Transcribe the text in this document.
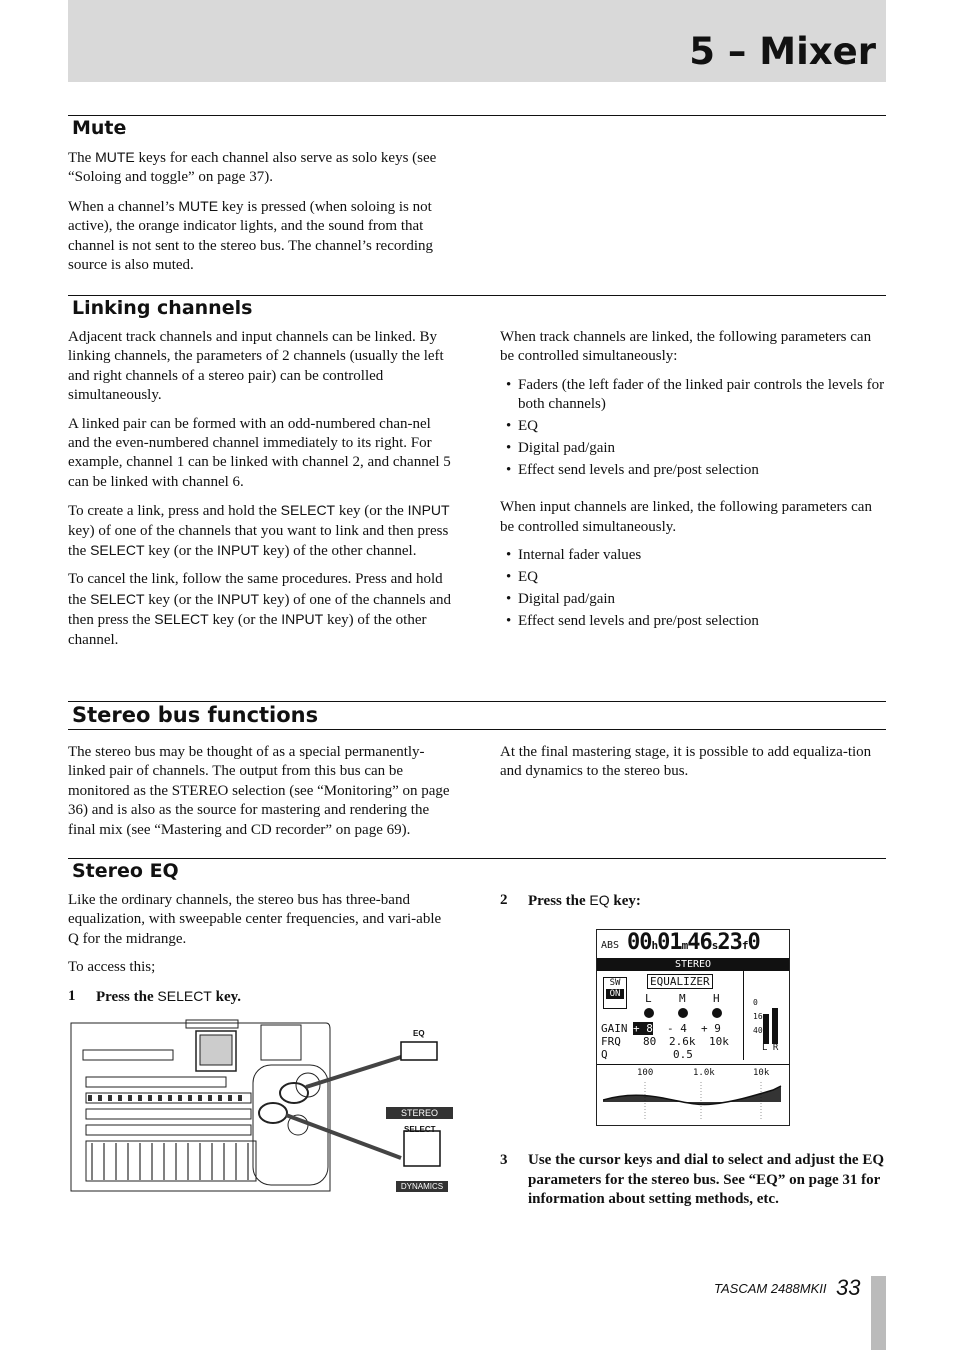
5 – Mixer
Mute

The MUTE keys for each channel also serve as solo keys (see “Soloing and toggle” on page 37).

When a channel’s MUTE key is pressed (when soloing is not active), the orange indicator lights, and the sound from that channel is not sent to the stereo bus. The channel’s recording source is also muted.

Linking channels

Adjacent track channels and input channels can be linked. By linking channels, the parameters of 2 channels (usually the left and right channels of a stereo pair) can be controlled simultaneously.

A linked pair can be formed with an odd-numbered chan-nel and the even-numbered channel immediately to its right. For example, channel 1 can be linked with channel 2, and channel 5 can be linked with channel 6.

To create a link, press and hold the SELECT key (or the INPUT key) of one of the channels that you want to link and then press the SELECT key (or the INPUT key) of the other channel.

To cancel the link, follow the same procedures. Press and hold the SELECT key (or the INPUT key) of one of the channels and then press the SELECT key (or the INPUT key) of the other channel.

When track channels are linked, the following parameters can be controlled simultaneously:

• Faders (the left fader of the linked pair controls the levels for both channels)
• EQ
• Digital pad/gain
• Effect send levels and pre/post selection

When input channels are linked, the following parameters can be controlled simultaneously.

• Internal fader values
• EQ
• Digital pad/gain
• Effect send levels and pre/post selection
Stereo bus functions

The stereo bus may be thought of as a special permanently-linked pair of channels. The output from this bus can be monitored as the STEREO selection (see “Monitoring” on page 36) and is also as the source for mastering and rendering the final mix (see “Mastering and CD recorder” on page 69).

At the final mastering stage, it is possible to add equaliza-tion and dynamics to the stereo bus.

Stereo EQ

Like the ordinary channels, the stereo bus has three-band equalization, with sweepable center frequencies, and vari-able Q for the midrange.

To access this;

1 Press the SELECT key.
2 Press the EQ key:
3 Use the cursor keys and dial to select and adjust the EQ parameters for the stereo bus. See “EQ” on page 31 for information about setting methods, etc.
EQ
STEREO
SELECT
DYNAMICS
ABS 00h01m46s23f0
STEREO
SW
ON
EQUALIZER
L M H
GAIN + 8 - 4 + 9
FRQ 80 2.6k 10k
Q	0.5
0
16
40
L R
100	1.0k	10k
TASCAM 2488MKII 33
